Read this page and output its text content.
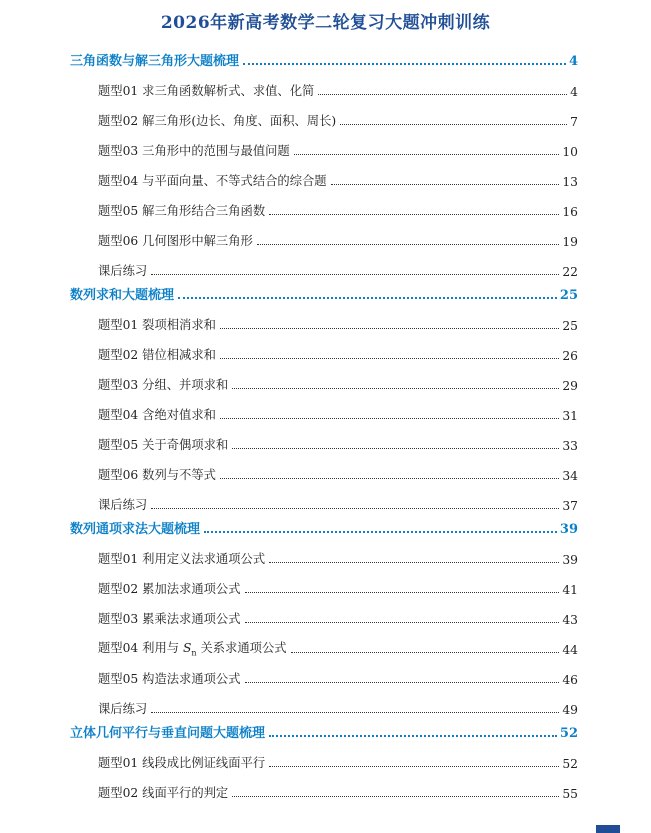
2026年新高考数学二轮复习大题冲刺训练
三角函数与解三角形大题梳理	4
题型01 求三角函数解析式、求值、化简	4
题型02 解三角形(边长、角度、面积、周长)	7
题型03 三角形中的范围与最值问题	10
题型04 与平面向量、不等式结合的综合题	13
题型05 解三角形结合三角函数	16
题型06 几何图形中解三角形	19
课后练习	22
数列求和大题梳理	25
题型01 裂项相消求和	25
题型02 错位相减求和	26
题型03 分组、并项求和	29
题型04 含绝对值求和	31
题型05 关于奇偶项求和	33
题型06 数列与不等式	34
课后练习	37
数列通项求法大题梳理	39
题型01 利用定义法求通项公式	39
题型02 累加法求通项公式	41
题型03 累乘法求通项公式	43
题型04 利用与 $S_n$ 关系求通项公式	44
题型05 构造法求通项公式	46
课后练习	49
立体几何平行与垂直问题大题梳理	52
题型01 线段成比例证线面平行	52
题型02 线面平行的判定	55
